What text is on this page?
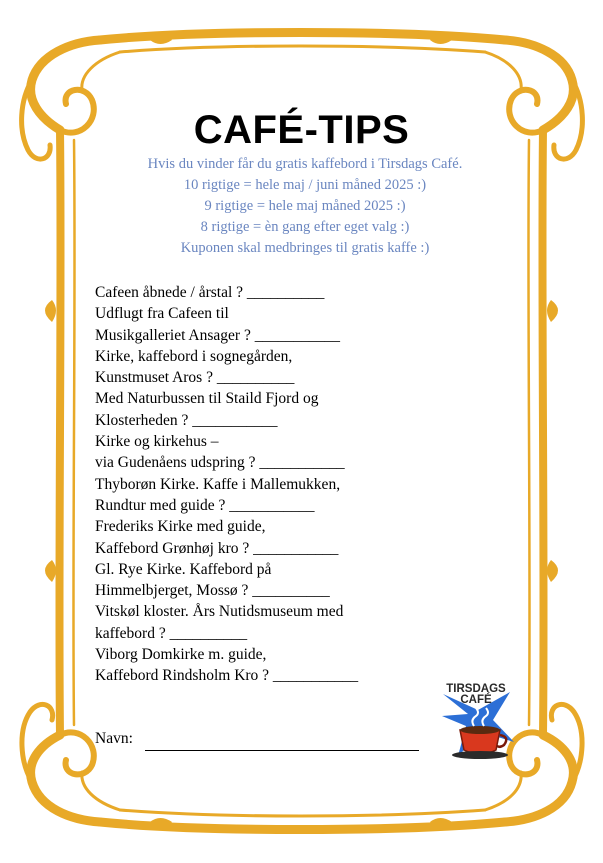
CAFÉ-TIPS
Hvis du vinder får du gratis kaffebord i Tirsdags Café.
10 rigtige = hele maj / juni måned 2025 :)
9 rigtige = hele maj måned 2025 :)
8 rigtige = èn gang efter eget valg :)
Kuponen skal medbringes til gratis kaffe :)
Cafeen åbnede / årstal ? __________
Udflugt fra Cafeen til
Musikgalleriet Ansager ? ___________
Kirke, kaffebord i sognegården,
Kunstmuset Aros ? __________
Med Naturbussen til Staild Fjord og
Klosterheden ? ___________
Kirke og kirkehus –
via Gudenåens udspring ? ___________
Thyborøn Kirke. Kaffe i Mallemukken,
Rundtur med guide ? ___________
Frederiks Kirke med guide,
Kaffebord Grønhøj kro ? ___________
Gl. Rye Kirke. Kaffebord på
Himmelbjerget, Mossø ? __________
Vitskøl kloster. Års Nutidsmuseum med
kaffebord ? __________
Viborg Domkirke m. guide,
Kaffebord Rindsholm Kro ? ___________
Navn:
TIRSDAGS
CAFÉ
